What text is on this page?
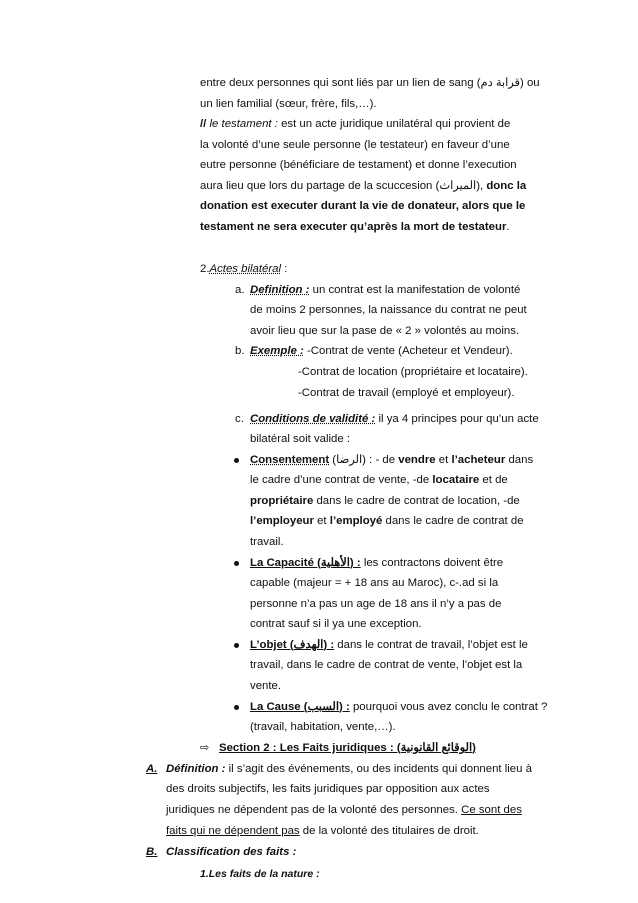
entre deux personnes qui sont liés par un lien de sang (قرابة دم) ou
un lien familial (sœur, frère, fils,…).
// le testament : est un acte juridique unilatéral qui provient de
la volonté d’une seule personne (le testateur) en faveur d’une
eutre personne (bénéficiare de testament) et donne l’execution
aura lieu que lors du partage de la scuccesion (الميراث), donc la
donation est executer durant la vie de donateur, alors que le
testament ne sera executer qu’après la mort de testateur.
2.Actes bilatéral :
a. Definition : un contrat est la manifestation de volonté
de moins 2 personnes, la naissance du contrat ne peut
avoir lieu que sur la pase de « 2 » volontés au moins.
b. Exemple : -Contrat de vente (Acheteur et Vendeur).
-Contrat de location (propriétaire et locataire).
-Contrat de travail (employé et employeur).
c. Conditions de validité : il ya 4 principes pour qu’un acte
bilatéral soit valide :
Consentement (الرضا) : - de vendre et l’acheteur dans
le cadre d’une contrat de vente, -de locataire et de
propriétaire dans le cadre de contrat de location, -de
l’employeur et l’employé dans le cadre de contrat de
travail.
La Capacité (الأهلية) : les contractons doivent être
capable (majeur = + 18 ans au Maroc), c-.ad si la
personne n’a pas un age de 18 ans il n’y a pas de
contrat sauf si il ya une exception.
L’objet (الهدف) : dans le contrat de travail, l’objet est le
travail, dans le cadre de contrat de vente, l’objet est la
vente.
La Cause (السبب) : pourquoi vous avez conclu le contrat ?
(travail, habitation, vente,…).
⇨ Section 2 : Les Faits juridiques : (الوقائع القانونية)
A. Définition : il s’agit des événements, ou des incidents qui donnent lieu à
des droits subjectifs, les faits juridiques par opposition aux actes
juridiques ne dépendent pas de la volonté des personnes. Ce sont des
faits qui ne dépendent pas de la volonté des titulaires de droit.
B. Classification des faits :
1.Les faits de la nature :
